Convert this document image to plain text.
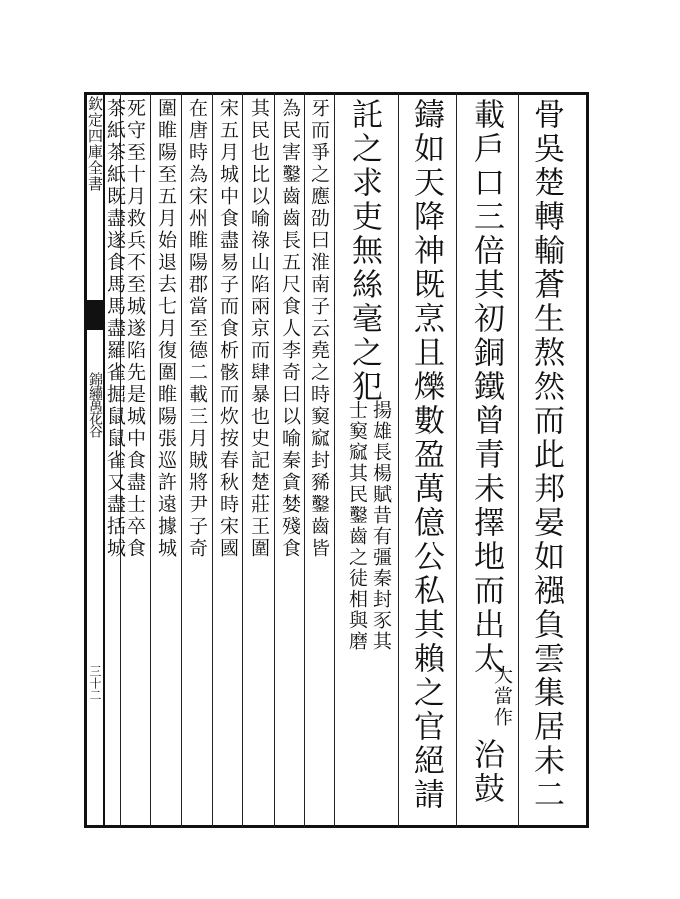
欽定四庫全書
錦繡萬花谷
三十二	骨吳楚轉輸蒼生熬然而此邦晏如襁負雲集居未二
載戶口三倍其初銅鐵曾青未擇地而出太
大當作
治鼓
鑄如天降神既烹且爍數盈萬億公私其賴之官絕請
託之求吏無絲毫之犯
揚雄長楊賦昔有彊秦封豕其
士窫窳其民鑿齒之徒相與磨
牙而爭之應劭曰淮南子云堯之時窫窳封豨鑿齒皆
為民害鑿齒齒長五尺食人李奇曰以喻秦貪婪殘食
其民也比以喻祿山陷兩京而肆暴也史記楚莊王圍
宋五月城中食盡易子而食析骸而炊按春秋時宋國
在唐時為宋州睢陽郡當至德二載三月賊將尹子奇
圍睢陽至五月始退去七月復圍睢陽張巡許遠據城
死守至十月救兵不至城遂陷先是城中食盡士卒食
茶紙茶紙既盡遂食馬馬盡羅雀掘鼠鼠雀又盡括城
